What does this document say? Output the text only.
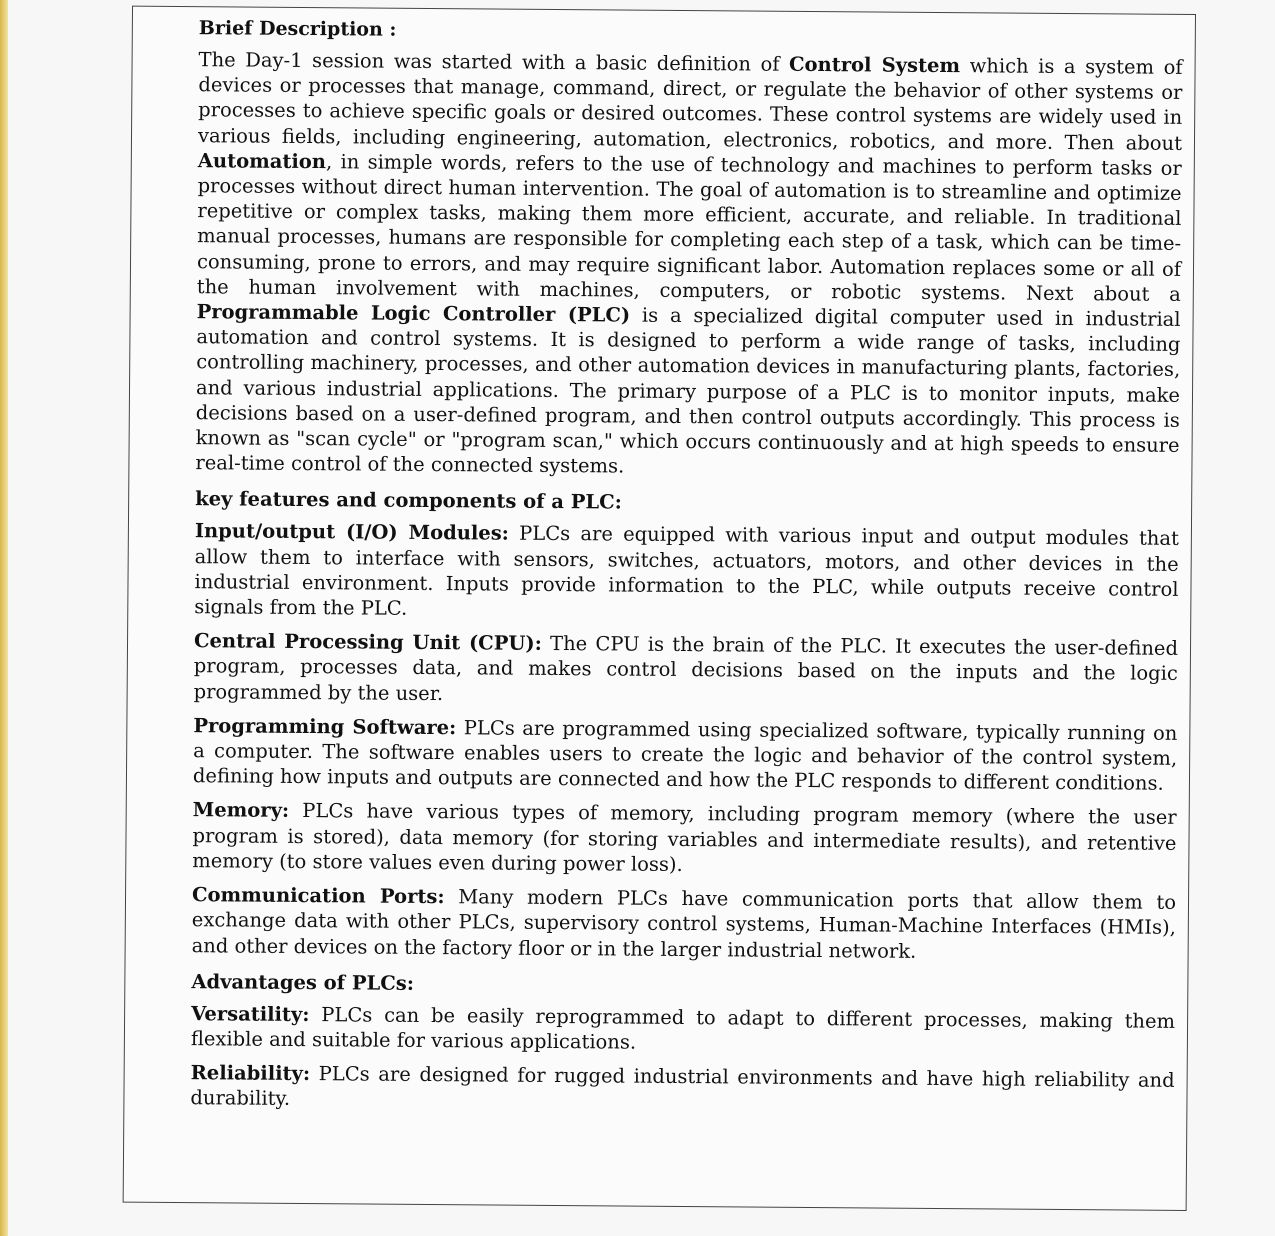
Brief Description :

The Day-1 session was started with a basic definition of Control System which is a system of devices or processes that manage, command, direct, or regulate the behavior of other systems or processes to achieve specific goals or desired outcomes. These control systems are widely used in various fields, including engineering, automation, electronics, robotics, and more. Then about Automation, in simple words, refers to the use of technology and machines to perform tasks or processes without direct human intervention. The goal of automation is to streamline and optimize repetitive or complex tasks, making them more efficient, accurate, and reliable. In traditional manual processes, humans are responsible for completing each step of a task, which can be time-consuming, prone to errors, and may require significant labor. Automation replaces some or all of the human involvement with machines, computers, or robotic systems. Next about a Programmable Logic Controller (PLC) is a specialized digital computer used in industrial automation and control systems. It is designed to perform a wide range of tasks, including controlling machinery, processes, and other automation devices in manufacturing plants, factories, and various industrial applications. The primary purpose of a PLC is to monitor inputs, make decisions based on a user-defined program, and then control outputs accordingly. This process is known as "scan cycle" or "program scan," which occurs continuously and at high speeds to ensure real-time control of the connected systems.

key features and components of a PLC:

Input/output (I/O) Modules: PLCs are equipped with various input and output modules that allow them to interface with sensors, switches, actuators, motors, and other devices in the industrial environment. Inputs provide information to the PLC, while outputs receive control signals from the PLC.

Central Processing Unit (CPU): The CPU is the brain of the PLC. It executes the user-defined program, processes data, and makes control decisions based on the inputs and the logic programmed by the user.

Programming Software: PLCs are programmed using specialized software, typically running on a computer. The software enables users to create the logic and behavior of the control system, defining how inputs and outputs are connected and how the PLC responds to different conditions.

Memory: PLCs have various types of memory, including program memory (where the user program is stored), data memory (for storing variables and intermediate results), and retentive memory (to store values even during power loss).

Communication Ports: Many modern PLCs have communication ports that allow them to exchange data with other PLCs, supervisory control systems, Human-Machine Interfaces (HMIs), and other devices on the factory floor or in the larger industrial network.

Advantages of PLCs:

Versatility: PLCs can be easily reprogrammed to adapt to different processes, making them flexible and suitable for various applications.

Reliability: PLCs are designed for rugged industrial environments and have high reliability and durability.
